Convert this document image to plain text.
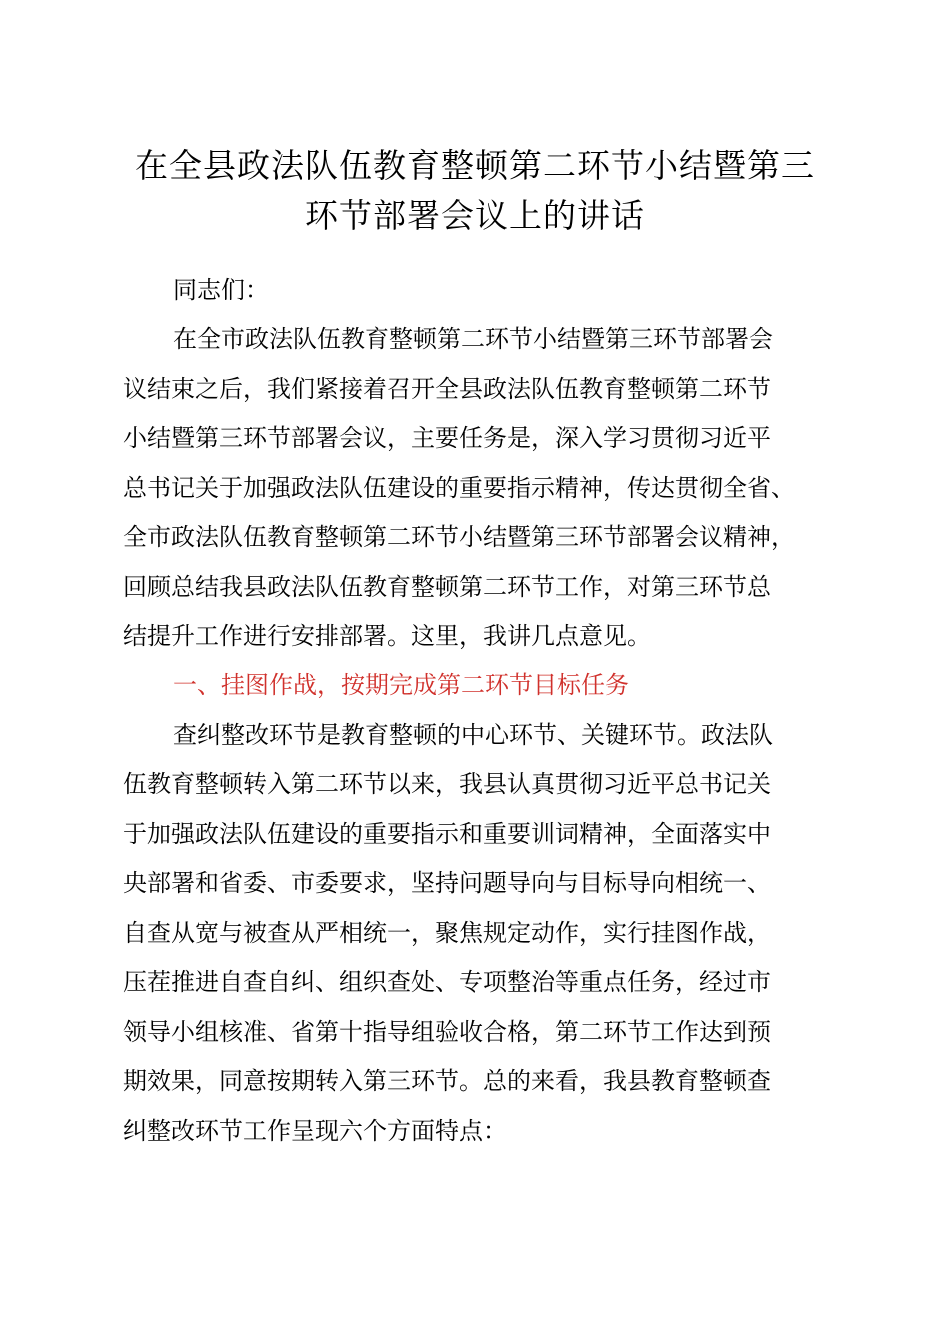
在全县政法队伍教育整顿第二环节小结暨第三
环节部署会议上的讲话
同志们：
在全市政法队伍教育整顿第二环节小结暨第三环节部署会
议结束之后，我们紧接着召开全县政法队伍教育整顿第二环节
小结暨第三环节部署会议，主要任务是，深入学习贯彻习近平
总书记关于加强政法队伍建设的重要指示精神，传达贯彻全省、
全市政法队伍教育整顿第二环节小结暨第三环节部署会议精神，
回顾总结我县政法队伍教育整顿第二环节工作，对第三环节总
结提升工作进行安排部署。这里，我讲几点意见。
一、挂图作战，按期完成第二环节目标任务
查纠整改环节是教育整顿的中心环节、关键环节。政法队
伍教育整顿转入第二环节以来，我县认真贯彻习近平总书记关
于加强政法队伍建设的重要指示和重要训词精神，全面落实中
央部署和省委、市委要求，坚持问题导向与目标导向相统一、
自查从宽与被查从严相统一，聚焦规定动作，实行挂图作战，
压茬推进自查自纠、组织查处、专项整治等重点任务，经过市
领导小组核准、省第十指导组验收合格，第二环节工作达到预
期效果，同意按期转入第三环节。总的来看，我县教育整顿查
纠整改环节工作呈现六个方面特点：
